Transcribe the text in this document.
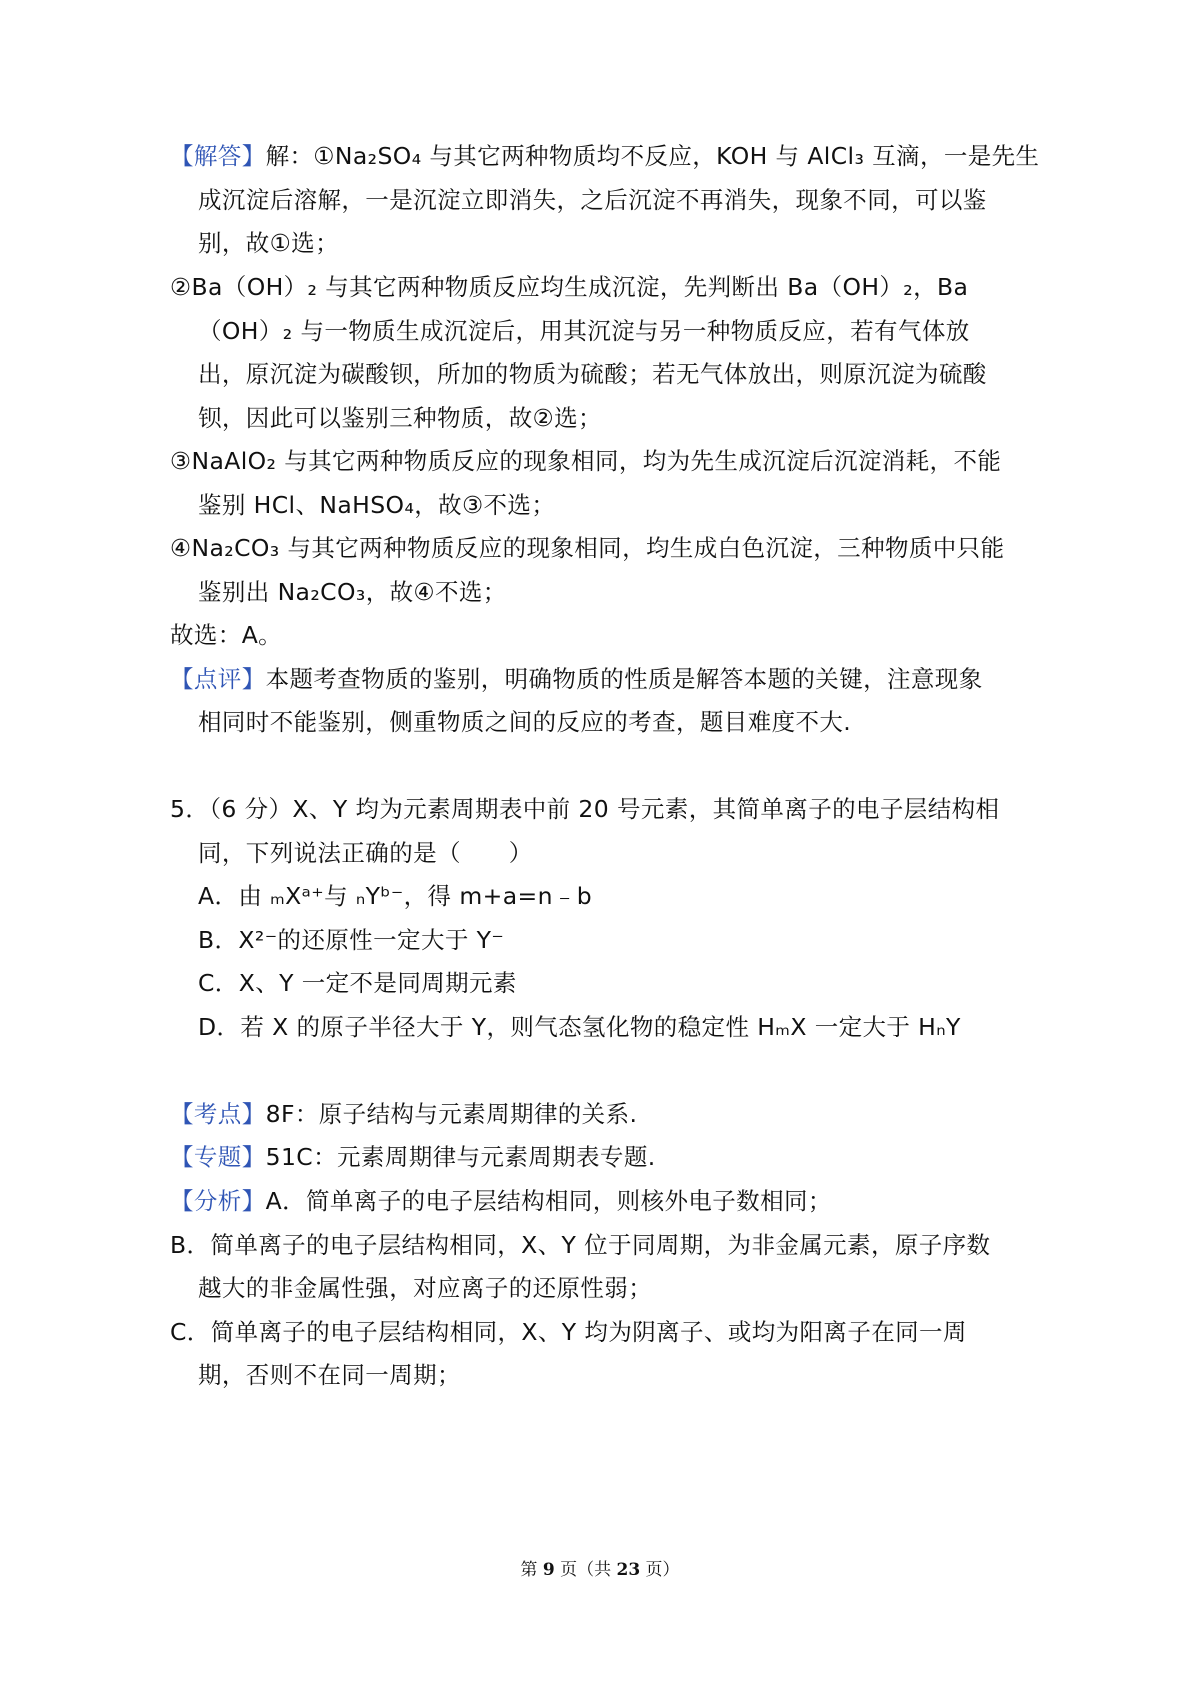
【解答】解：①Na₂SO₄ 与其它两种物质均不反应，KOH 与 AlCl₃ 互滴，一是先生
成沉淀后溶解，一是沉淀立即消失，之后沉淀不再消失，现象不同，可以鉴
别，故①选；
②Ba（OH）₂ 与其它两种物质反应均生成沉淀，先判断出 Ba（OH）₂，Ba
（OH）₂ 与一物质生成沉淀后，用其沉淀与另一种物质反应，若有气体放
出，原沉淀为碳酸钡，所加的物质为硫酸；若无气体放出，则原沉淀为硫酸
钡，因此可以鉴别三种物质，故②选；
③NaAlO₂ 与其它两种物质反应的现象相同，均为先生成沉淀后沉淀消耗，不能
鉴别 HCl、NaHSO₄，故③不选；
④Na₂CO₃ 与其它两种物质反应的现象相同，均生成白色沉淀，三种物质中只能
鉴别出 Na₂CO₃，故④不选；
故选：A。
【点评】本题考查物质的鉴别，明确物质的性质是解答本题的关键，注意现象
相同时不能鉴别，侧重物质之间的反应的考查，题目难度不大.
5．（6 分）X、Y 均为元素周期表中前 20 号元素，其简单离子的电子层结构相
同，下列说法正确的是（　　）
A．由 ₘXᵃ⁺与 ₙYᵇ⁻，得 m+a=n﹣b
B．X²⁻的还原性一定大于 Y⁻
C．X、Y 一定不是同周期元素
D．若 X 的原子半径大于 Y，则气态氢化物的稳定性 HₘX 一定大于 HₙY
【考点】8F：原子结构与元素周期律的关系.
【专题】51C：元素周期律与元素周期表专题.
【分析】A．简单离子的电子层结构相同，则核外电子数相同；
B．简单离子的电子层结构相同，X、Y 位于同周期，为非金属元素，原子序数
越大的非金属性强，对应离子的还原性弱；
C．简单离子的电子层结构相同，X、Y 均为阴离子、或均为阳离子在同一周
期，否则不在同一周期；
第 9 页（共 23 页）
